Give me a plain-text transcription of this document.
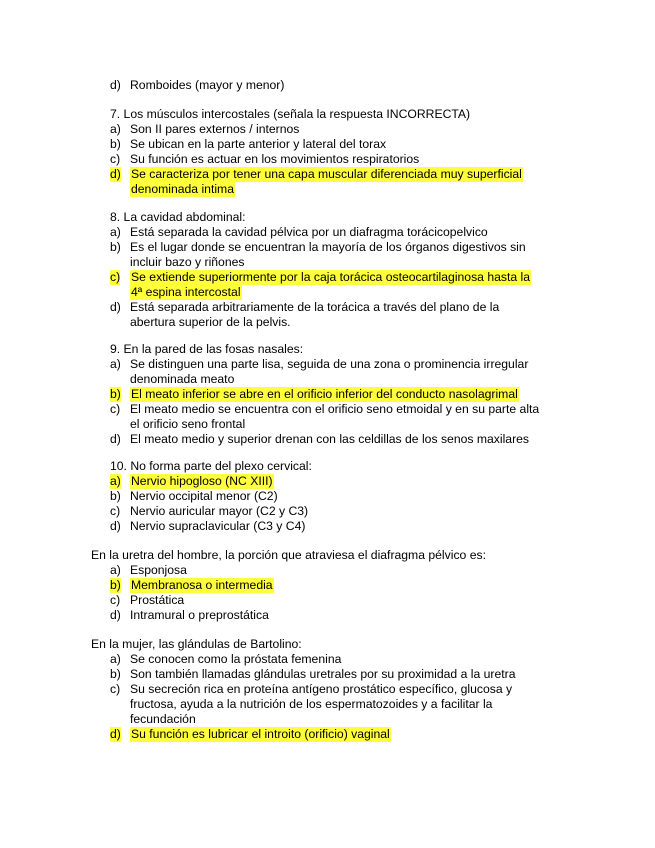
d) Romboides (mayor y menor)
7. Los músculos intercostales (señala la respuesta INCORRECTA)
a) Son II pares externos / internos
b) Se ubican en la parte anterior y lateral del torax
c) Su función es actuar en los movimientos respiratorios
d) Se caracteriza por tener una capa muscular diferenciada muy superficial
denominada intima
8. La cavidad abdominal:
a) Está separada la cavidad pélvica por un diafragma torácicopelvico
b) Es el lugar donde se encuentran la mayoría de los órganos digestivos sin
incluir bazo y riñones
c) Se extiende superiormente por la caja torácica osteocartilaginosa hasta la
4ª espina intercostal
d) Está separada arbitrariamente de la torácica a través del plano de la
abertura superior de la pelvis.
9. En la pared de las fosas nasales:
a) Se distinguen una parte lisa, seguida de una zona o prominencia irregular
denominada meato
b) El meato inferior se abre en el orificio inferior del conducto nasolagrimal
c) El meato medio se encuentra con el orificio seno etmoidal y en su parte alta
el orificio seno frontal
d) El meato medio y superior drenan con las celdillas de los senos maxilares
10. No forma parte del plexo cervical:
a) Nervio hipogloso (NC XIII)
b) Nervio occipital menor (C2)
c) Nervio auricular mayor (C2 y C3)
d) Nervio supraclavicular (C3 y C4)
En la uretra del hombre, la porción que atraviesa el diafragma pélvico es:
a) Esponjosa
b) Membranosa o intermedia
c) Prostática
d) Intramural o preprostática
En la mujer, las glándulas de Bartolino:
a) Se conocen como la próstata femenina
b) Son también llamadas glándulas uretrales por su proximidad a la uretra
c) Su secreción rica en proteína antígeno prostático específico, glucosa y
fructosa, ayuda a la nutrición de los espermatozoides y a facilitar la
fecundación
d) Su función es lubricar el introito (orificio) vaginal
